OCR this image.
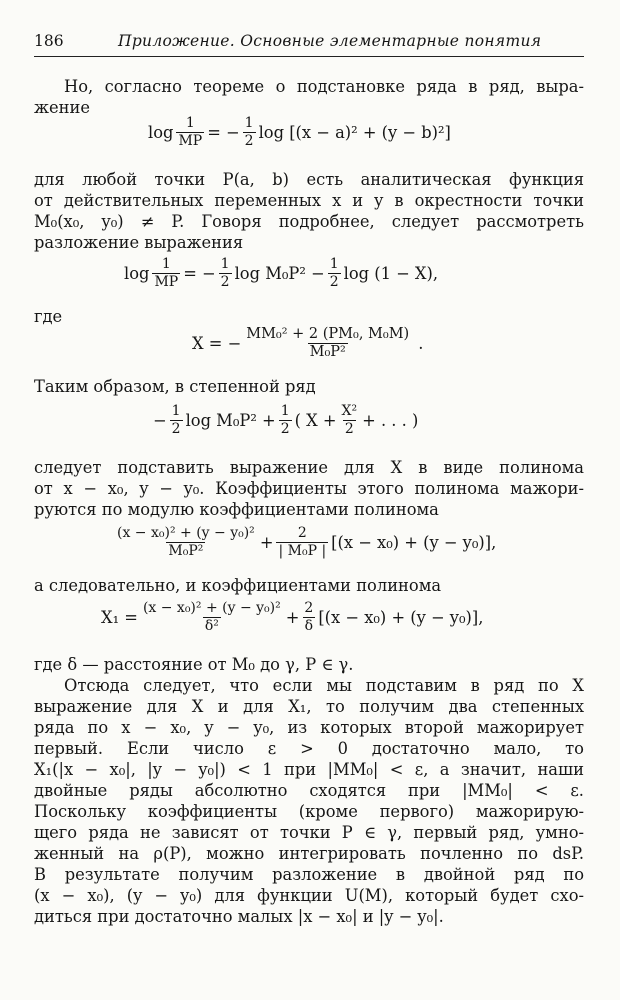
186	Приложение. Основные элементарные понятия
Но, согласно теореме о подстановке ряда в ряд, выра-
жение
$\log \frac{1}{MP}$ = − $\frac{1}{2}$ log [(x − a)² + (y − b)²]
для любой точки P(a, b) есть аналитическая функция
от действительных переменных x и y в окрестности точки
M₀(x₀, y₀) ≠ P. Говоря подробнее, следует рассмотреть
разложение выражения
$\log \frac{1}{MP}$ = − $\frac{1}{2}$ $\log M_0P^2 - \frac{1}{2}$ log (1 − X),
где
X = − $\frac{\text{MM₀² + 2 (PM₀, M₀M)}}{\text{M₀P²}}$ .
Таким образом, в степенной ряд
− $\frac{1}{2}$ $\log M_0P^2 + \frac{1}{2}$ ( $X + \frac{\text{X²}}{2}$ + . . . )
следует подставить выражение для X в виде полинома
от x − x₀, y − y₀. Коэффициенты этого полинома мажори-
руются по модулю коэффициентами полинома
$\frac{\text{(x − x₀)² + (y − y₀)²}}{\text{M₀P²}} + \frac{2}{\text{| M₀P |}} [(x - x_0) + (y - y_0)]$,
а следовательно, и коэффициентами полинома
$X_1 = \frac{\text{(x − x₀)² + (y − y₀)²}}{\text{δ²}} + \frac{2}{\delta} [(x - x_0) + (y - y_0)]$,
где δ — расстояние от M₀ до γ, P ∈ γ.
Отсюда следует, что если мы подставим в ряд по X
выражение для X и для X₁, то получим два степенных
ряда по x − x₀, y − y₀, из которых второй мажорирует
первый. Если число ε > 0 достаточно мало, то
X₁(|x − x₀|, |y − y₀|) < 1 при |MM₀| < ε, а значит, наши
двойные ряды абсолютно сходятся при |MM₀| < ε.
Поскольку коэффициенты (кроме первого) мажорирую-
щего ряда не зависят от точки P ∈ γ, первый ряд, умно-
женный на ρ(P), можно интегрировать почленно по dsP.
В результате получим разложение в двойной ряд по
(x − x₀), (y − y₀) для функции U(M), который будет схо-
диться при достаточно малых |x − x₀| и |y − y₀|.
